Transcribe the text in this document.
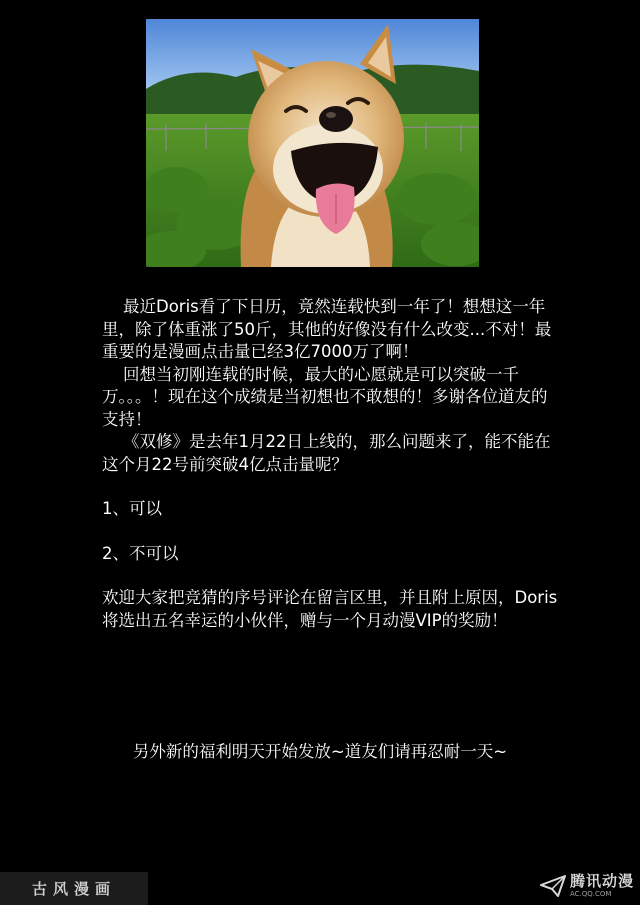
最近Doris看了下日历，竟然连载快到一年了！想想这一年里，除了体重涨了50斤，其他的好像没有什么改变...不对！最重要的是漫画点击量已经3亿7000万了啊！

回想当初刚连载的时候，最大的心愿就是可以突破一千万。。。！现在这个成绩是当初想也不敢想的！多谢各位道友的支持！

《双修》是去年1月22日上线的，那么问题来了，能不能在这个月22号前突破4亿点击量呢？

1、可以

2、不可以

欢迎大家把竞猜的序号评论在留言区里，并且附上原因，Doris将选出五名幸运的小伙伴，赠与一个月动漫VIP的奖励！

另外新的福利明天开始发放~道友们请再忍耐一天~
古风漫画	腾讯动漫
AC.QQ.COM
